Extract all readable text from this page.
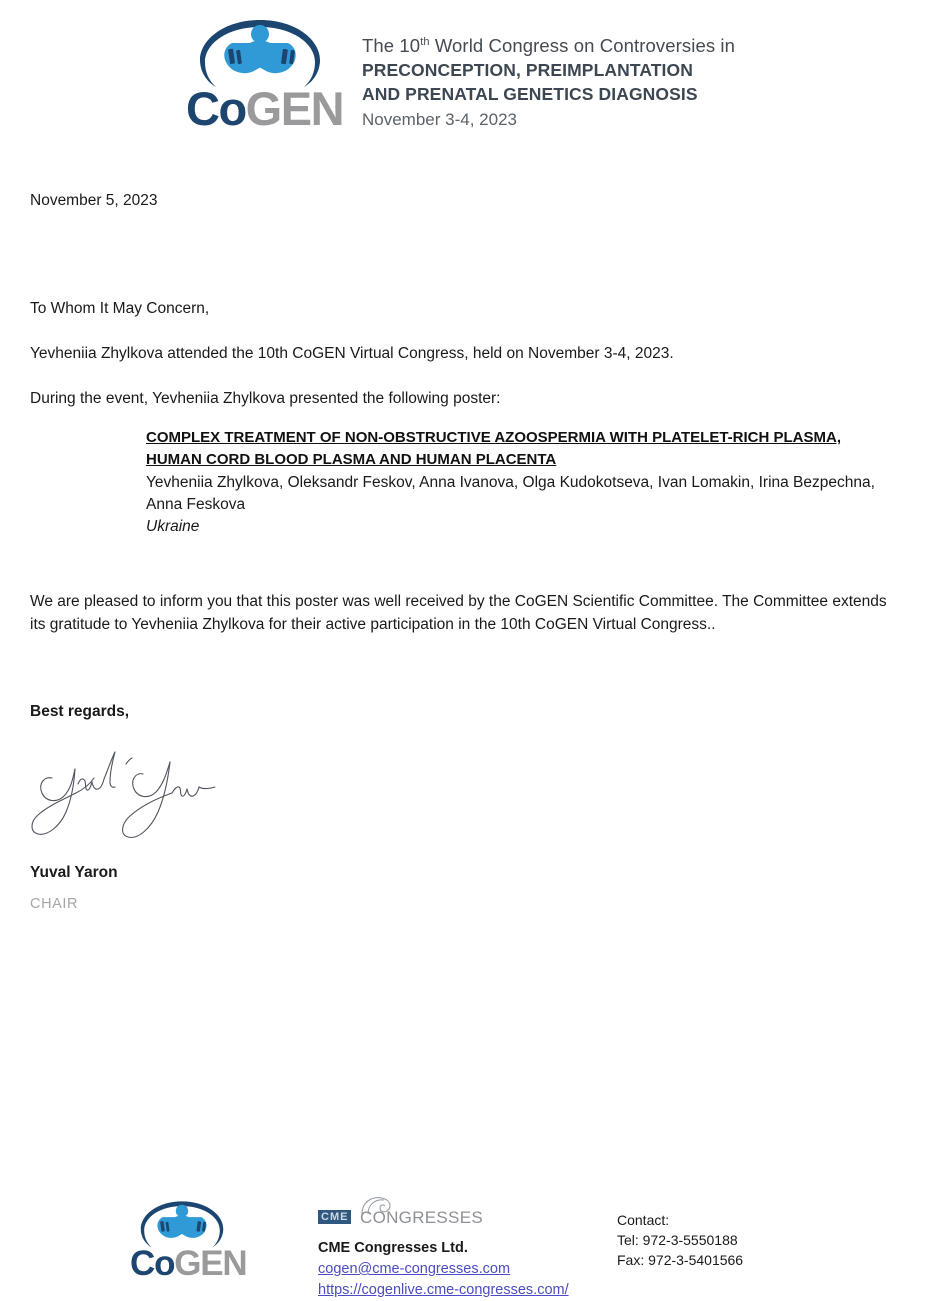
CoGEN
The 10th World Congress on Controversies in
PRECONCEPTION, PREIMPLANTATION
AND PRENATAL GENETICS DIAGNOSIS
November 3-4, 2023
November 5, 2023
To Whom It May Concern,
Yevheniia Zhylkova attended the 10th CoGEN Virtual Congress, held on November 3-4, 2023.
During the event, Yevheniia Zhylkova presented the following poster:
COMPLEX TREATMENT OF NON-OBSTRUCTIVE AZOOSPERMIA WITH PLATELET-RICH PLASMA,
HUMAN CORD BLOOD PLASMA AND HUMAN PLACENTA
Yevheniia Zhylkova, Oleksandr Feskov, Anna Ivanova, Olga Kudokotseva, Ivan Lomakin, Irina Bezpechna, Anna Feskova
Ukraine
We are pleased to inform you that this poster was well received by the CoGEN Scientific Committee. The Committee extends its gratitude to Yevheniia Zhylkova for their active participation in the 10th CoGEN Virtual Congress..
Best regards,
Yuval Yaron
CHAIR
CoGEN
CME CONGRESSES
CME Congresses Ltd.
cogen@cme-congresses.com
https://cogenlive.cme-congresses.com/
Contact:
Tel: 972-3-5550188
Fax: 972-3-5401566
